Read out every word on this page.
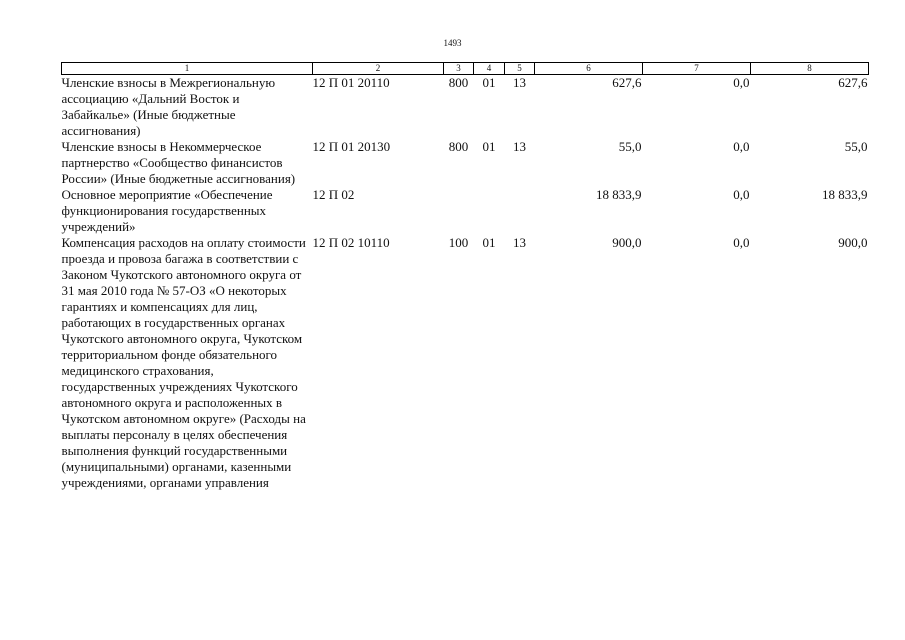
1493
1	2	3	4	5	6	7	8
Членские взносы в Межрегиональную ассоциацию «Дальний Восток и Забайкалье» (Иные бюджетные ассигнования)	12 П 01 20110	800	01	13	627,6	0,0	627,6
Членские взносы в Некоммерческое партнерство «Сообщество финансистов России» (Иные бюджетные ассигнования)	12 П 01 20130	800	01	13	55,0	0,0	55,0
Основное мероприятие «Обеспечение функционирования государственных учреждений»	12 П 02				18 833,9	0,0	18 833,9
Компенсация расходов на оплату стоимости проезда и провоза багажа в соответствии с Законом Чукотского автономного округа от 31 мая 2010 года № 57-ОЗ «О некоторых гарантиях и компенсациях для лиц, работающих в государственных органах Чукотского автономного округа, Чукотском территориальном фонде обязательного медицинского страхования, государственных учреждениях Чукотского автономного округа и расположенных в Чукотском автономном округе» (Расходы на выплаты персоналу в целях обеспечения выполнения функций государственными (муниципальными) органами, казенными учреждениями, органами управления	12 П 02 10110	100	01	13	900,0	0,0	900,0
